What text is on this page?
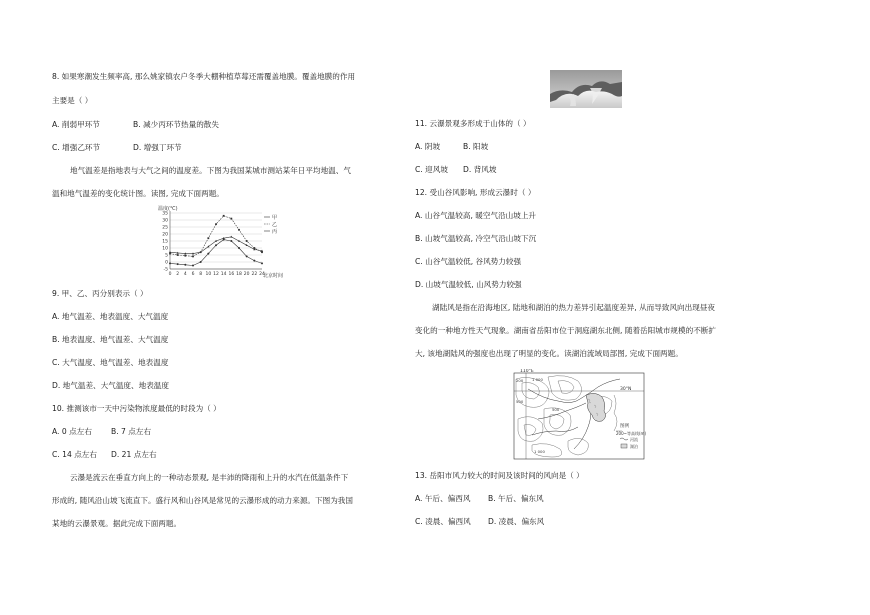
8. 如果寒潮发生频率高, 那么姚家镇农户冬季大棚种植草莓还需覆盖地膜。覆盖地膜的作用
主要是（ ）
A. 削弱甲环节	B. 减少丙环节热量的散失
C. 增强乙环节	D. 增强丁环节
地气温差是指地表与大气之间的温度差。下图为我国某城市测站某年日平均地温、气
温和地气温差的变化统计图。读图, 完成下面两题。
温度(℃)
北京时间
-5
0
5
10
15
20
25
30
35
0 2 4 6 8 10 12 14 16 18 20 22 24
甲
乙
丙
9. 甲、乙、丙分别表示（ ）
A. 地气温差、地表温度、大气温度
B. 地表温度、地气温差、大气温度
C. 大气温度、地气温差、地表温度
D. 地气温差、大气温度、地表温度
10. 推测该市一天中污染物浓度最低的时段为（ ）
A. 0 点左右	B. 7 点左右
C. 14 点左右 D. 21 点左右
云瀑是流云在垂直方向上的一种动态景观, 是丰沛的降雨和上升的水汽在低温条件下
形成的, 随风沿山坡飞流直下。盛行风和山谷风是常见的云瀑形成的动力来源。下图为我国
某地的云瀑景观。据此完成下面两题。
11. 云瀑景观多形成于山体的（ ）
A. 阴坡	B. 阳坡
C. 迎风坡 D. 背风坡
12. 受山谷风影响, 形成云瀑时（ ）
A. 山谷气温较高, 暖空气沿山坡上升
B. 山坡气温较高, 冷空气沿山坡下沉
C. 山谷气温较低, 谷风势力较强
D. 山坡气温较低, 山风势力较强
湖陆风是指在沿海地区, 陆地和湖泊的热力差异引起温度差异, 从而导致风向出现昼夜
变化的一种地方性天气现象。湖南省岳阳市位于洞庭湖东北侧, 随着岳阳城市规模的不断扩
大, 该地湖陆风的强度也出现了明显的变化。读湖泊流域局部图, 完成下面两题。
110°E
30°N
200 1 000
500
500
1 000
图例
200~等高线(m)
河流
湖泊
13. 岳阳市风力较大的时间及该时间的风向是（ ）
A. 午后、偏西风 B. 午后、偏东风
C. 凌晨、偏西风 D. 凌晨、偏东风
